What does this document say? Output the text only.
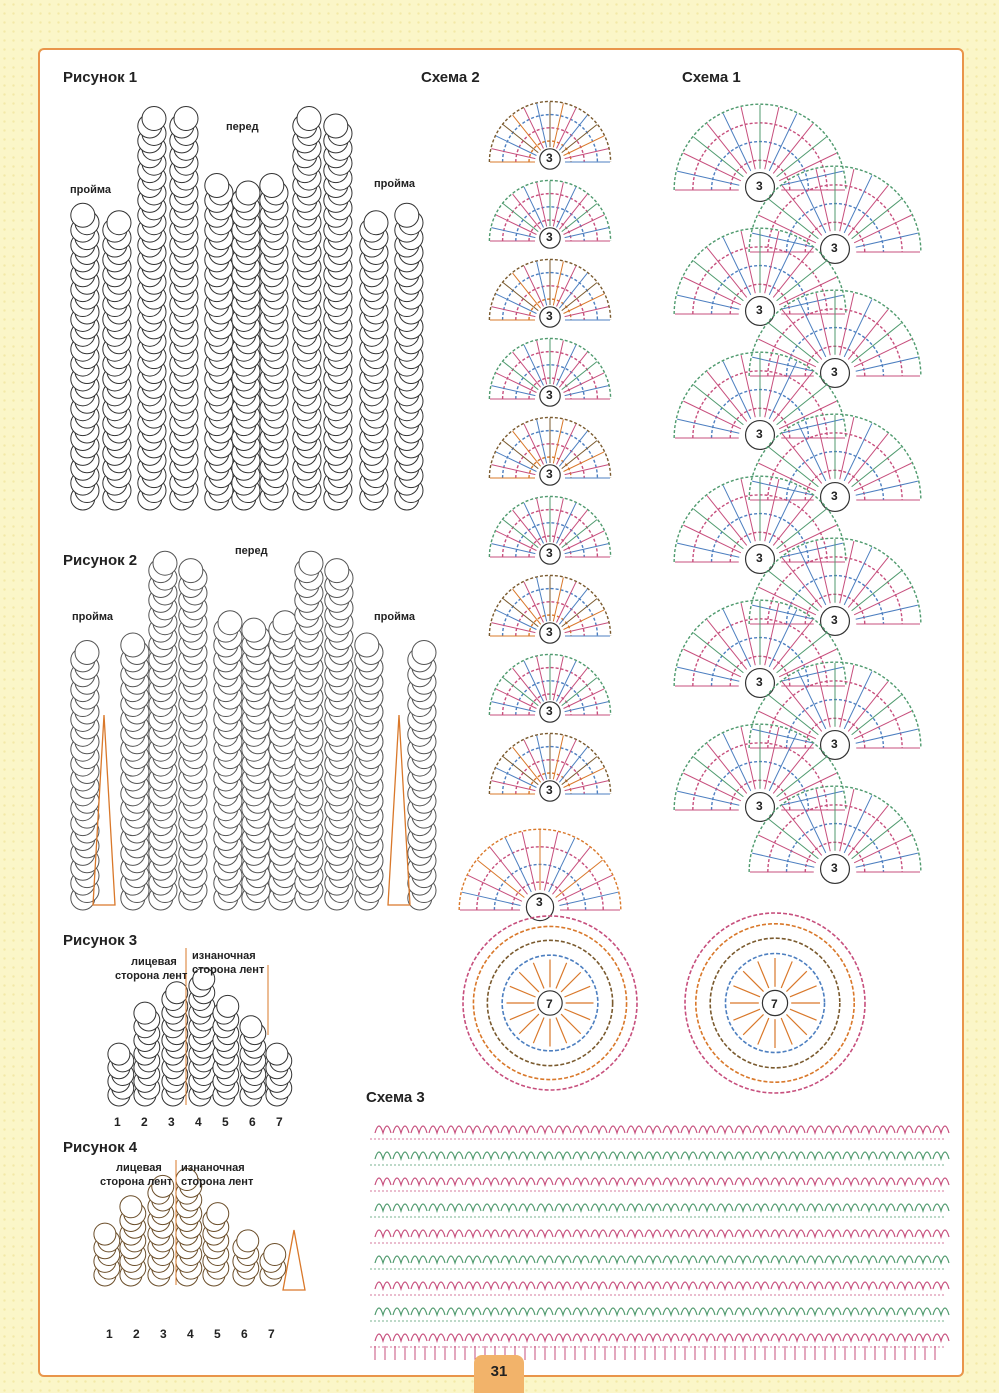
Рисунок 1
перед
пройма	пройма
Рисунок 2
перед
пройма	пройма
Рисунок 3
лицевая
сторона лент
изнаночная
сторона лент
1 2 3 4 5 6 7
Рисунок 4
лицевая
сторона лент
изнаночная
сторона лент
1 2 3 4 5 6 7
Схема 2	Схема 1
Схема 3
3
3
3
3
3
3
3
3
3
3
7
3
3
3
3
3
3
3
3
3
3
3
3
7
31
